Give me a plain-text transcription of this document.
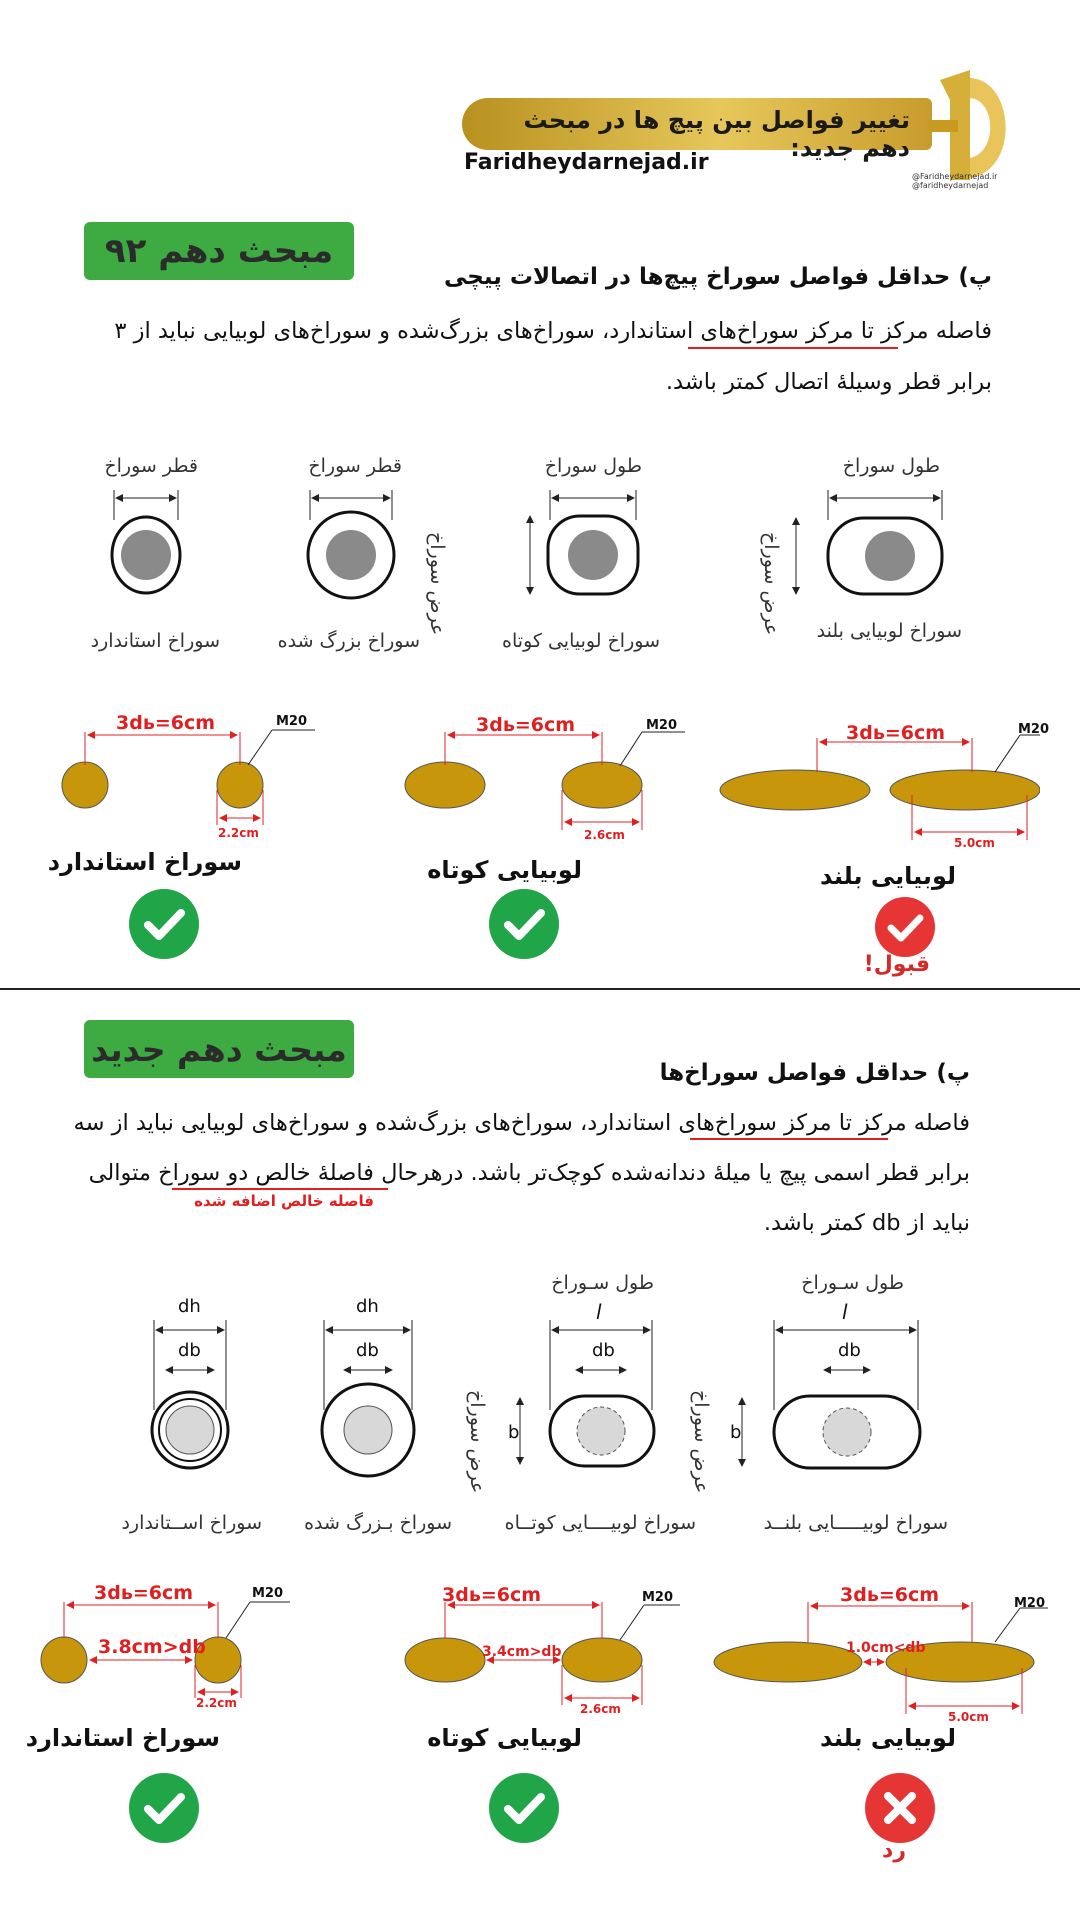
تغییر فواصل بین پیچ ها در مبحث دهم جدید:
Faridheydarnejad.ir
@Faridheydarnejad.ir
@faridheydarnejad
مبحث دهم ۹۲
پ) حداقل فواصل سوراخ پیچ‌ها در اتصالات پیچی
فاصله مرکز تا مرکز سوراخ‌های استاندارد، سوراخ‌های بزرگ‌شده و سوراخ‌های لوبیایی نباید از ۳
برابر قطر وسیلهٔ اتصال کمتر باشد.
قطر سوراخ	قطر سوراخ	طول سوراخ	طول سوراخ
عرض سوراخ	عرض سوراخ
سوراخ استاندارد	سوراخ بزرگ شده	سوراخ لوبیایی کوتاه	سوراخ لوبیایی بلند
3dь=6cm	3dь=6cm	3dь=6cm
2.2cm	2.6cm
5.0cm
M20	M20	M20
سوراخ استاندارد	لوبیایی کوتاه	لوبیایی بلند
قبول!
مبحث دهم جدید
پ) حداقل فواصل سوراخ‌ها
فاصله مرکز تا مرکز سوراخ‌های استاندارد، سوراخ‌های بزرگ‌شده و سوراخ‌های لوبیایی نباید از سه
برابر قطر اسمی پیچ یا میلهٔ دندانه‌شده کوچک‌تر باشد. درهرحال فاصلهٔ خالص دو سوراخ متوالی
نباید از db کمتر باشد.
فاصله خالص اضافه شده
dh
db
dh
db
طول سـوراخ
l
db
b
طول سـوراخ
l
db
b
عرض سوراخ	عرض سوراخ
سوراخ اســتاندارد	سوراخ بـزرگ شده	سوراخ لوبیــــایی کوتــاه	سوراخ لوبیـــــایی بلنــد
3dь=6cm
3.8cm>db
2.2cm
M20	3dь=6cm
3.4cm>db
2.6cm
M20	3dь=6cm
1.0cm<db
5.0cm
M20
سوراخ استاندارد	لوبیایی کوتاه	لوبیایی بلند
رد
